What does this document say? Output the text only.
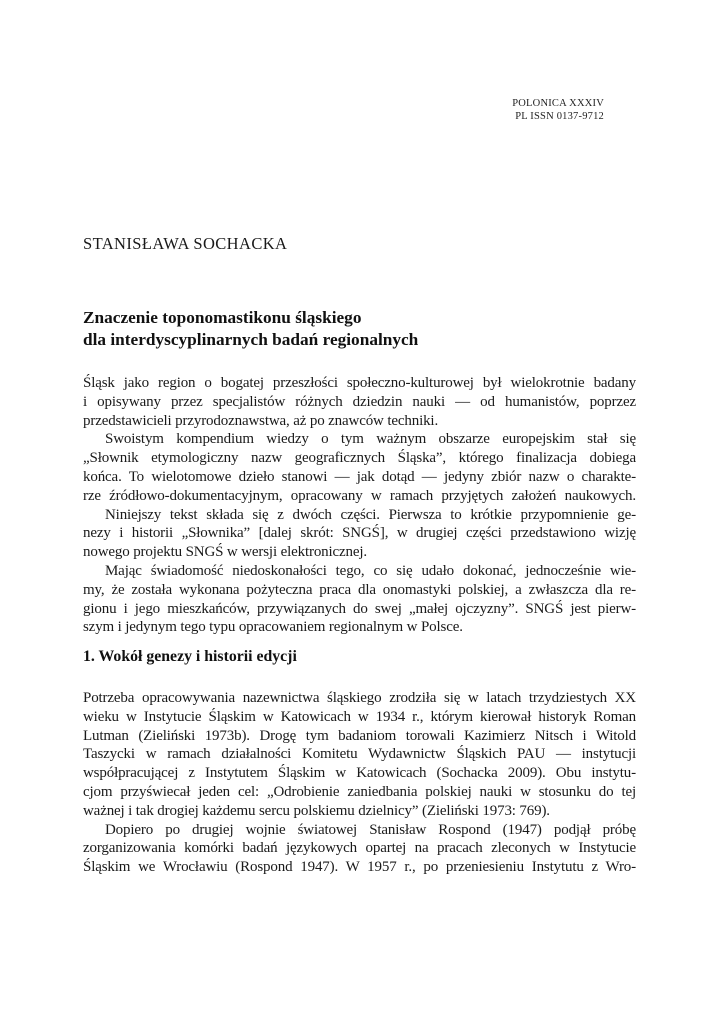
POLONICA XXXIV
PL ISSN 0137-9712
STANISŁAWA SOCHACKA
Znaczenie toponomastikonu śląskiego
dla interdyscyplinarnych badań regionalnych
Śląsk jako region o bogatej przeszłości społeczno-kulturowej był wielokrotnie badany
i opisywany przez specjalistów różnych dziedzin nauki — od humanistów, poprzez
przedstawicieli przyrodoznawstwa, aż po znawców techniki.
Swoistym kompendium wiedzy o tym ważnym obszarze europejskim stał się
„Słownik etymologiczny nazw geograficznych Śląska”, którego finalizacja dobiega
końca. To wielotomowe dzieło stanowi — jak dotąd — jedyny zbiór nazw o charakte-
rze źródłowo-dokumentacyjnym, opracowany w ramach przyjętych założeń naukowych.
Niniejszy tekst składa się z dwóch części. Pierwsza to krótkie przypomnienie ge-
nezy i historii „Słownika” [dalej skrót: SNGŚ], w drugiej części przedstawiono wizję
nowego projektu SNGŚ w wersji elektronicznej.
Mając świadomość niedoskonałości tego, co się udało dokonać, jednocześnie wie-
my, że została wykonana pożyteczna praca dla onomastyki polskiej, a zwłaszcza dla re-
gionu i jego mieszkańców, przywiązanych do swej „małej ojczyzny”. SNGŚ jest pierw-
szym i jedynym tego typu opracowaniem regionalnym w Polsce.
1. Wokół genezy i historii edycji
Potrzeba opracowywania nazewnictwa śląskiego zrodziła się w latach trzydziestych XX
wieku w Instytucie Śląskim w Katowicach w 1934 r., którym kierował historyk Roman
Lutman (Zieliński 1973b). Drogę tym badaniom torowali Kazimierz Nitsch i Witold
Taszycki w ramach działalności Komitetu Wydawnictw Śląskich PAU — instytucji
współpracującej z Instytutem Śląskim w Katowicach (Sochacka 2009). Obu instytu-
cjom przyświecał jeden cel: „Odrobienie zaniedbania polskiej nauki w stosunku do tej
ważnej i tak drogiej każdemu sercu polskiemu dzielnicy” (Zieliński 1973: 769).
Dopiero po drugiej wojnie światowej Stanisław Rospond (1947) podjął próbę
zorganizowania komórki badań językowych opartej na pracach zleconych w Instytucie
Śląskim we Wrocławiu (Rospond 1947). W 1957 r., po przeniesieniu Instytutu z Wro-
